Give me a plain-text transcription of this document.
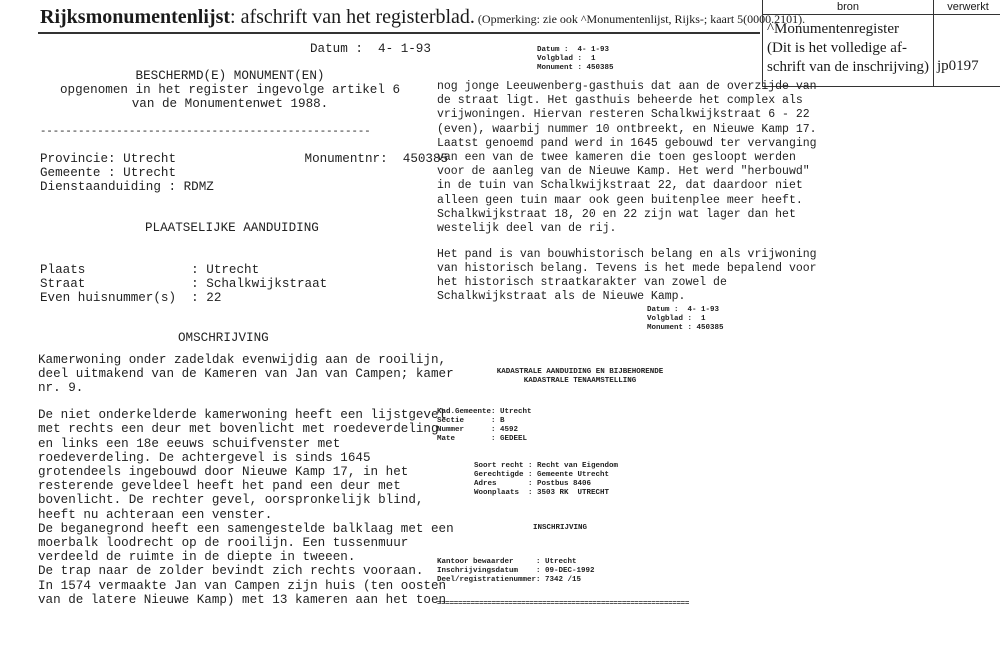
Rijksmonumentenlijst: afschrift van het registerblad. (Opmerking: zie ook ^Monumentenlijst, Rijks-; kaart 5(0000.2101).
bron	verwerkt
^Monumentenregister
(Dit is het volledige af-
schrift van de inschrijving) jp0197
Datum :  4- 1-93
BESCHERMD(E) MONUMENT(EN)
opgenomen in het register ingevolge artikel 6
van de Monumentenwet 1988.
----------------------------------------------------
Provincie: Utrecht                 Monumentnr:  450385
Gemeente : Utrecht
Dienstaanduiding : RDMZ
PLAATSELIJKE AANDUIDING
Plaats              : Utrecht
Straat              : Schalkwijkstraat
Even huisnummer(s)  : 22
OMSCHRIJVING
Kamerwoning onder zadeldak evenwijdig aan de rooilijn,
deel uitmakend van de Kameren van Jan van Campen; kamer
nr. 9.
De niet onderkelderde kamerwoning heeft een lijstgevel
met rechts een deur met bovenlicht met roedeverdeling
en links een 18e eeuws schuifvenster met
roedeverdeling. De achtergevel is sinds 1645
grotendeels ingebouwd door Nieuwe Kamp 17, in het
resterende geveldeel heeft het pand een deur met
bovenlicht. De rechter gevel, oorspronkelijk blind,
heeft nu achteraan een venster.
De beganegrond heeft een samengestelde balklaag met een
moerbalk loodrecht op de rooilijn. Een tussenmuur
verdeeld de ruimte in de diepte in tweeen.
De trap naar de zolder bevindt zich rechts vooraan.
In 1574 vermaakte Jan van Campen zijn huis (ten oosten
van de latere Nieuwe Kamp) met 13 kameren aan het toen
Datum :  4- 1-93
Volgblad :  1
Monument : 450385
nog jonge Leeuwenberg-gasthuis dat aan de overzijde van
de straat ligt. Het gasthuis beheerde het complex als
vrijwoningen. Hiervan resteren Schalkwijkstraat 6 - 22
(even), waarbij nummer 10 ontbreekt, en Nieuwe Kamp 17.
Laatst genoemd pand werd in 1645 gebouwd ter vervanging
van een van de twee kameren die toen gesloopt werden
voor de aanleg van de Nieuwe Kamp. Het werd "herbouwd"
in de tuin van Schalkwijkstraat 22, dat daardoor niet
alleen geen tuin maar ook geen buitenplee meer heeft.
Schalkwijkstraat 18, 20 en 22 zijn wat lager dan het
westelijk deel van de rij.
Het pand is van bouwhistorisch belang en als vrijwoning
van historisch belang. Tevens is het mede bepalend voor
het historisch straatkarakter van zowel de
Schalkwijkstraat als de Nieuwe Kamp.
Datum :  4- 1-93
Volgblad :  1
Monument : 450385
KADASTRALE AANDUIDING EN BIJBEHORENDE
KADASTRALE TENAAMSTELLING
Kad.Gemeente: Utrecht
Sectie      : B
Nummer      : 4592
Mate        : GEDEEL
Soort recht : Recht van Eigendom
Gerechtigde : Gemeente Utrecht
Adres       : Postbus 8406
Woonplaats  : 3503 RK  UTRECHT
INSCHRIJVING
Kantoor bewaarder     : Utrecht
Inschrijvingsdatum    : 09-DEC-1992
Deel/registratienummer: 7342 /15
============================================================
